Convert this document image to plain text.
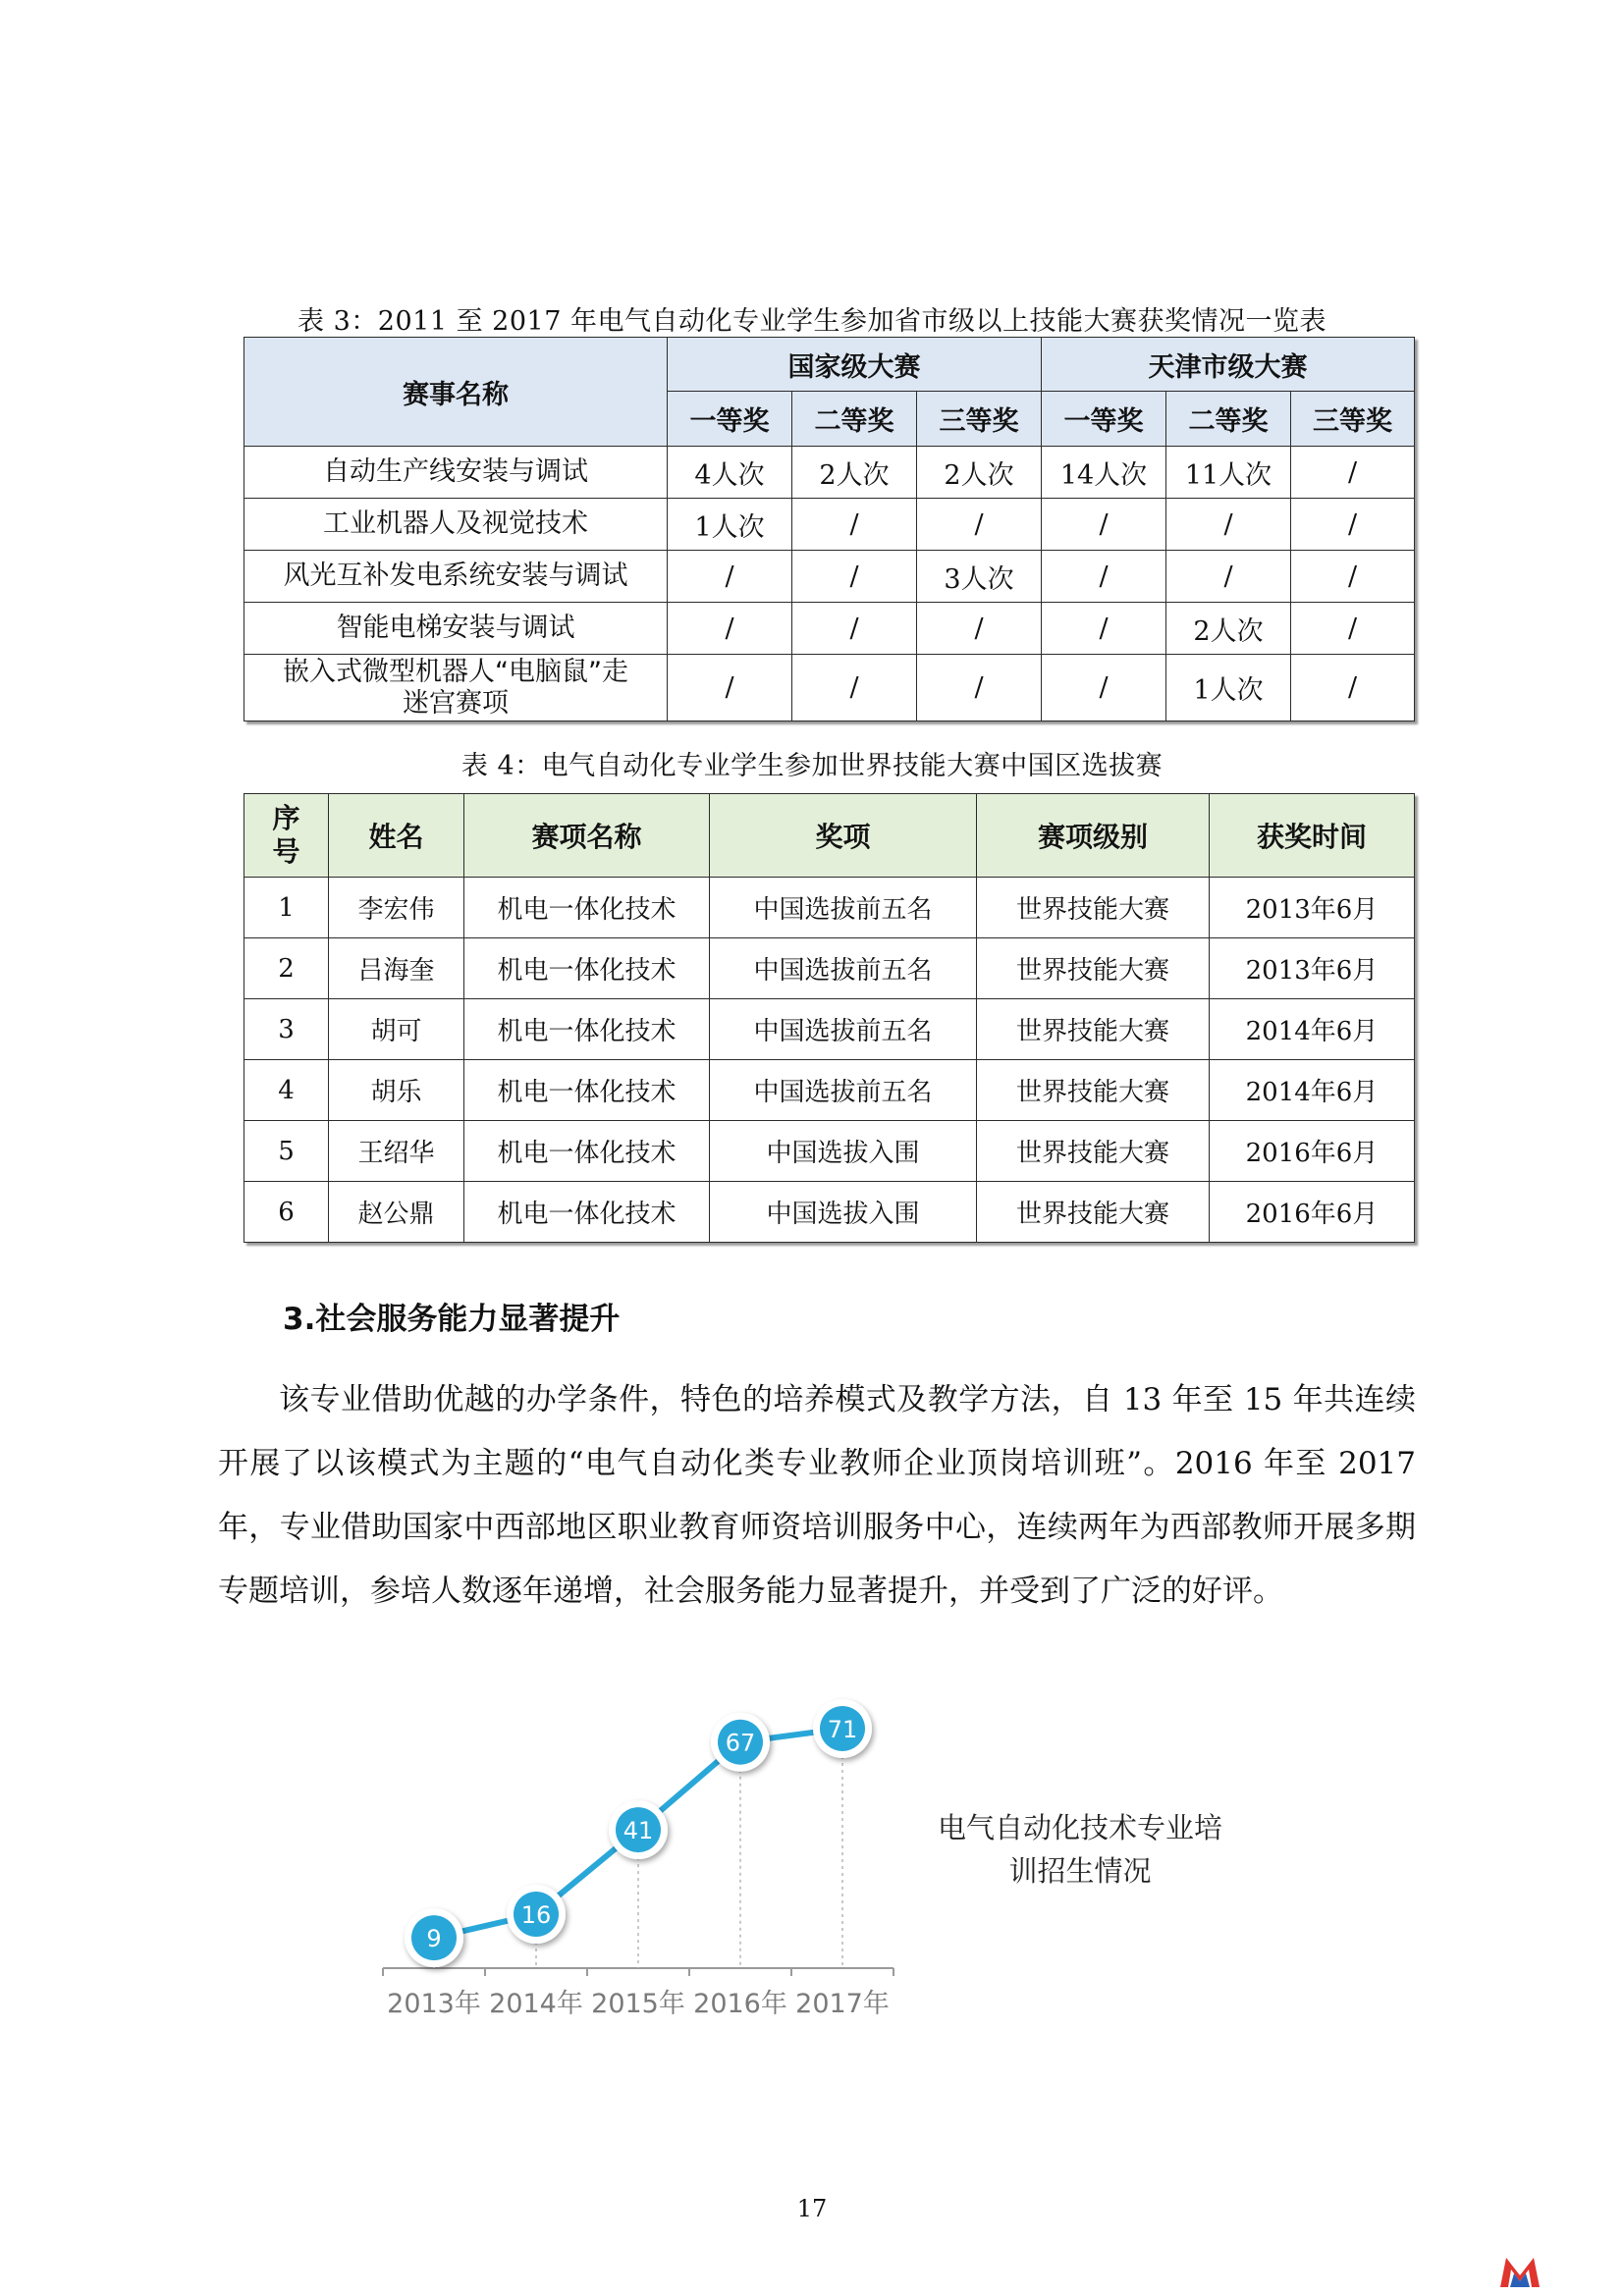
表 3：2011 至 2017 年电气自动化专业学生参加省市级以上技能大赛获奖情况一览表
赛事名称	国家级大赛			天津市级大赛		
	一等奖	二等奖	三等奖	一等奖	二等奖	三等奖
自动生产线安装与调试	4人次	2人次	2人次	14人次	11人次	/
工业机器人及视觉技术	1人次	/	/	/	/	/
风光互补发电系统安装与调试	/	/	3人次	/	/	/
智能电梯安装与调试	/	/	/	/	2人次	/

嵌入式微型机器人“电脑鼠”走
迷宫赛项	/	/	/	/	1人次	/
表 4：电气自动化专业学生参加世界技能大赛中国区选拔赛
序
号	姓名	赛项名称	奖项	赛项级别	获奖时间
1	李宏伟	机电一体化技术	中国选拔前五名	世界技能大赛	2013年6月
2	吕海奎	机电一体化技术	中国选拔前五名	世界技能大赛	2013年6月
3	胡可	机电一体化技术	中国选拔前五名	世界技能大赛	2014年6月
4	胡乐	机电一体化技术	中国选拔前五名	世界技能大赛	2014年6月
5	王绍华	机电一体化技术	中国选拔入围	世界技能大赛	2016年6月
6	赵公鼎	机电一体化技术	中国选拔入围	世界技能大赛	2016年6月
3.社会服务能力显著提升
该专业借助优越的办学条件，特色的培养模式及教学方法，自 13 年至 15 年共连续开展了以该模式为主题的“电气自动化类专业教师企业顶岗培训班”。2016 年至 2017 年，专业借助国家中西部地区职业教育师资培训服务中心，连续两年为西部教师开展多期专题培训，参培人数逐年递增，社会服务能力显著提升，并受到了广泛的好评。
9
16
41
67	71
2013年 2014年 2015年 2016年 2017年
电气自动化技术专业培训招生情况
17
